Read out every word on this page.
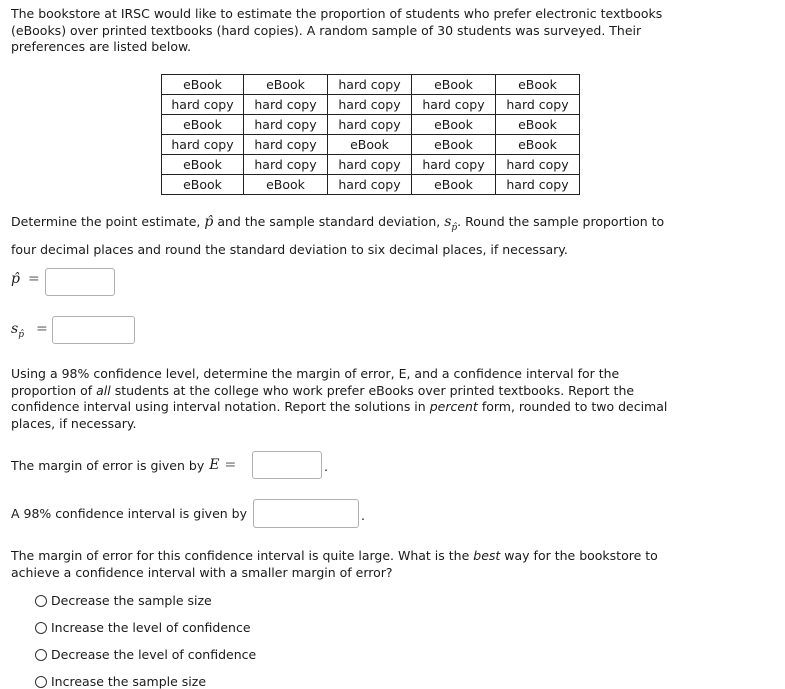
The bookstore at IRSC would like to estimate the proportion of students who prefer electronic textbooks
(eBooks) over printed textbooks (hard copies). A random sample of 30 students was surveyed. Their
preferences are listed below.
eBook	eBook	hard copy	eBook	eBook
hard copy	hard copy	hard copy	hard copy	hard copy
eBook	hard copy	hard copy	eBook	eBook
hard copy	hard copy	eBook	eBook	eBook
eBook	hard copy	hard copy	hard copy	hard copy
eBook	eBook	hard copy	eBook	hard copy
Determine the point estimate, p̂ and the sample standard deviation, $s_{p̂}$. Round the sample proportion to
four decimal places and round the standard deviation to six decimal places, if necessary.
p̂ =
$s_{p̂}$ =
Using a 98% confidence level, determine the margin of error, E, and a confidence interval for the
proportion of all students at the college who work prefer eBooks over printed textbooks. Report the
confidence interval using interval notation. Report the solutions in percent form, rounded to two decimal
places, if necessary.
The margin of error is given by E =	.
A 98% confidence interval is given by	.
The margin of error for this confidence interval is quite large. What is the best way for the bookstore to
achieve a confidence interval with a smaller margin of error?
Decrease the sample size
Increase the level of confidence
Decrease the level of confidence
Increase the sample size
